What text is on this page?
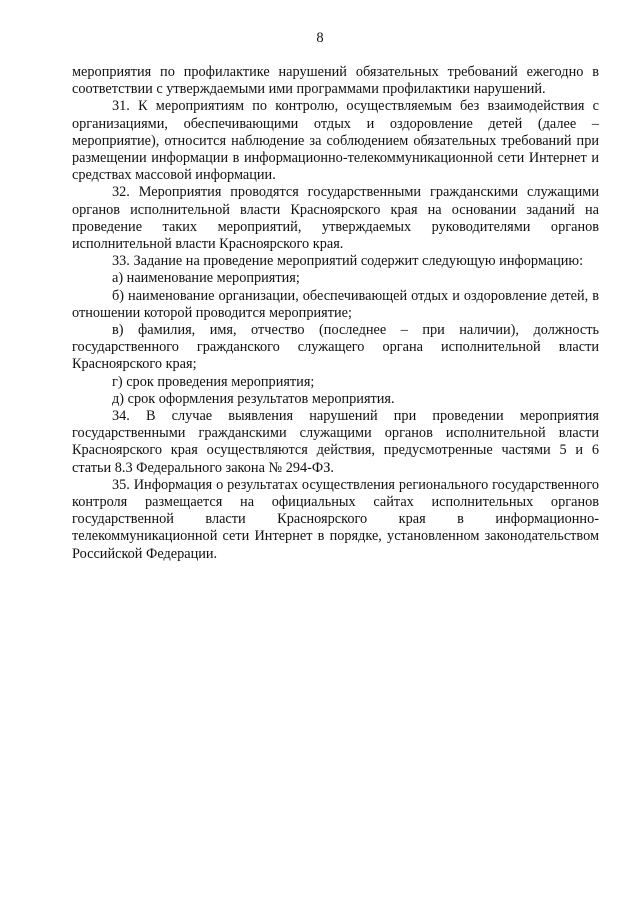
8

мероприятия по профилактике нарушений обязательных требований ежегодно в соответствии с утверждаемыми ими программами профилактики нарушений.

31. К мероприятиям по контролю, осуществляемым без взаимодействия с организациями, обеспечивающими отдых и оздоровление детей (далее – мероприятие), относится наблюдение за соблюдением обязательных требований при размещении информации в информационно-телекоммуникационной сети Интернет и средствах массовой информации.

32. Мероприятия проводятся государственными гражданскими служащими органов исполнительной власти Красноярского края на основании заданий на проведение таких мероприятий, утверждаемых руководителями органов исполнительной власти Красноярского края.

33. Задание на проведение мероприятий содержит следующую информацию:

а) наименование мероприятия;

б) наименование организации, обеспечивающей отдых и оздоровление детей, в отношении которой проводится мероприятие;

в) фамилия, имя, отчество (последнее – при наличии), должность государственного гражданского служащего органа исполнительной власти Красноярского края;

г) срок проведения мероприятия;

д) срок оформления результатов мероприятия.

34. В случае выявления нарушений при проведении мероприятия государственными гражданскими служащими органов исполнительной власти Красноярского края осуществляются действия, предусмотренные частями 5 и 6 статьи 8.3 Федерального закона № 294-ФЗ.

35. Информация о результатах осуществления регионального государственного контроля размещается на официальных сайтах исполнительных органов государственной власти Красноярского края в информационно-телекоммуникационной сети Интернет в порядке, установленном законодательством Российской Федерации.
